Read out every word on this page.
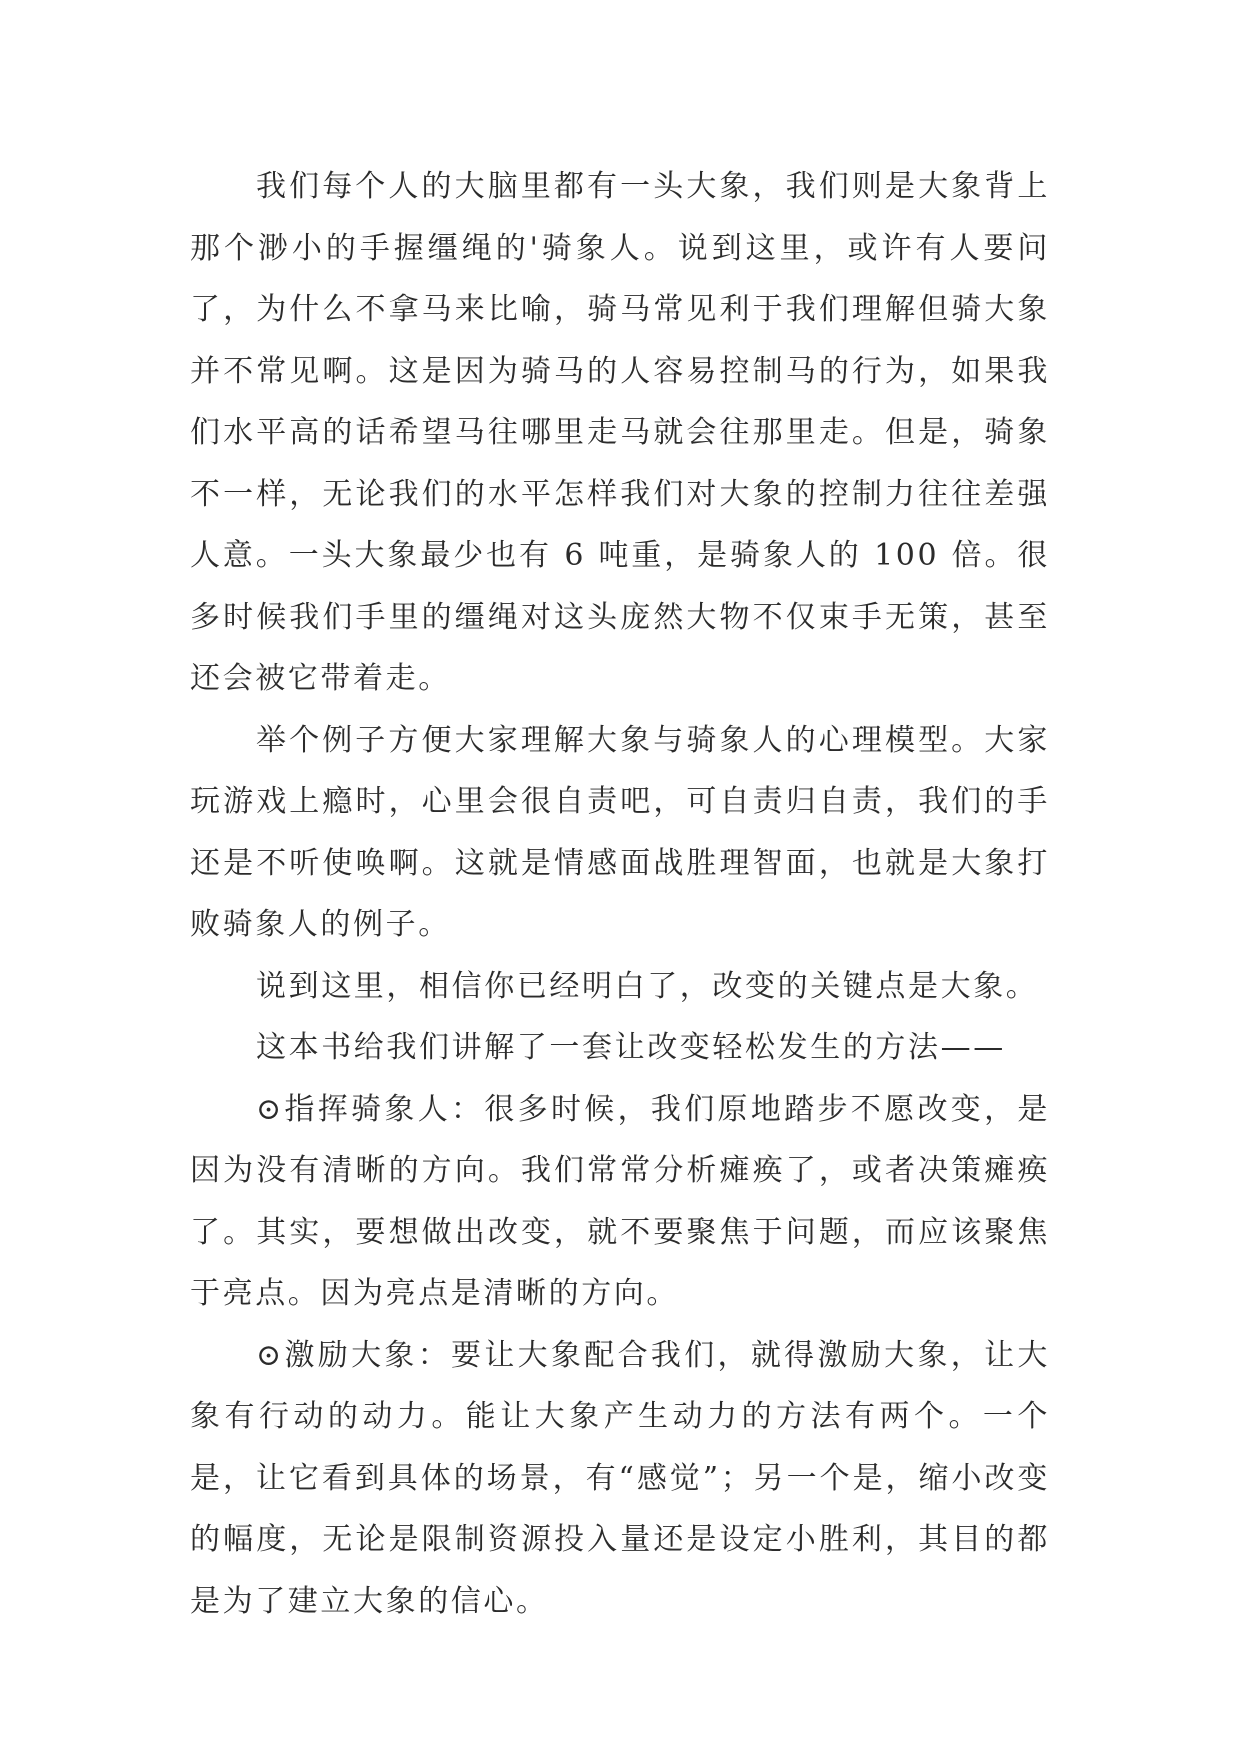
我们每个人的大脑里都有一头大象，我们则是大象背上那个渺小的手握缰绳的'骑象人。说到这里，或许有人要问了，为什么不拿马来比喻，骑马常见利于我们理解但骑大象并不常见啊。这是因为骑马的人容易控制马的行为，如果我们水平高的话希望马往哪里走马就会往那里走。但是，骑象不一样，无论我们的水平怎样我们对大象的控制力往往差强人意。一头大象最少也有 6 吨重，是骑象人的 100 倍。很多时候我们手里的缰绳对这头庞然大物不仅束手无策，甚至还会被它带着走。

举个例子方便大家理解大象与骑象人的心理模型。大家玩游戏上瘾时，心里会很自责吧，可自责归自责，我们的手还是不听使唤啊。这就是情感面战胜理智面，也就是大象打败骑象人的例子。

说到这里，相信你已经明白了，改变的关键点是大象。

这本书给我们讲解了一套让改变轻松发生的方法——

⊙指挥骑象人：很多时候，我们原地踏步不愿改变，是因为没有清晰的方向。我们常常分析瘫痪了，或者决策瘫痪了。其实，要想做出改变，就不要聚焦于问题，而应该聚焦于亮点。因为亮点是清晰的方向。

⊙激励大象：要让大象配合我们，就得激励大象，让大象有行动的动力。能让大象产生动力的方法有两个。一个是，让它看到具体的场景，有“感觉”；另一个是，缩小改变的幅度，无论是限制资源投入量还是设定小胜利，其目的都是为了建立大象的信心。
